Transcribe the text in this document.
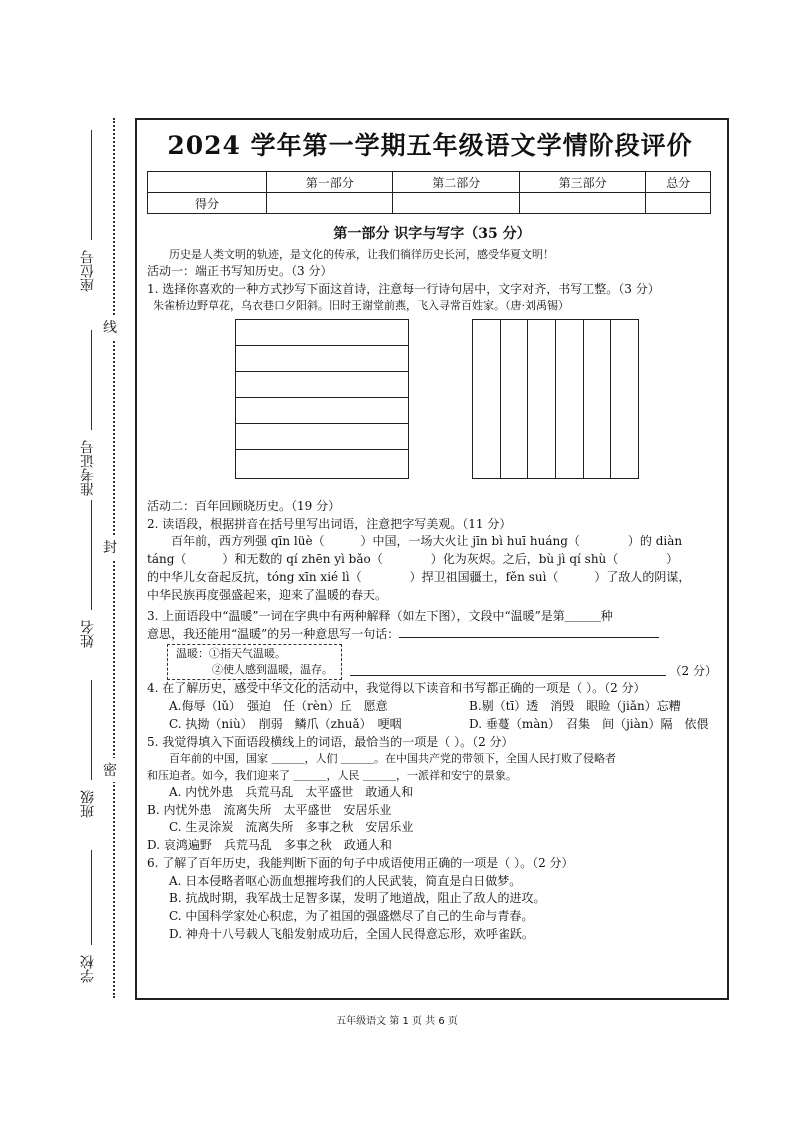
座位号
准考证号
姓名
班级
学校
线
封
密
2024 学年第一学期五年级语文学情阶段评价
	第一部分	第二部分	第三部分	总分
得分				

第一部分 识字与写字（35 分）

历史是人类文明的轨迹，是文化的传承，让我们徜徉历史长河，感受华夏文明！

活动一：端正书写知历史。（3 分）

1. 选择你喜欢的一种方式抄写下面这首诗，注意每一行诗句居中，文字对齐，书写工整。（3 分）

朱雀桥边野草花，乌衣巷口夕阳斜。旧时王谢堂前燕，飞入寻常百姓家。（唐·刘禹锡）

活动二：百年回顾晓历史。（19 分）

2. 读语段，根据拼音在括号里写出词语，注意把字写美观。（11 分）

百年前，西方列强 qīn lüè（　　　）中国，一场大火让 jīn bì huī huáng（　　　　）的 diàn

táng（　　　）和无数的 qí zhēn yì bǎo（　　　　）化为灰烬。之后，bù jì qí shù（　　　　）

的中华儿女奋起反抗，tóng xīn xié lì（　　　　）捍卫祖国疆土，fěn suì（　　　）了敌人的阴谋，

中华民族再度强盛起来，迎来了温暖的春天。

3. 上面语段中“温暖”一词在字典中有两种解释（如左下图），文段中“温暖”是第＿＿＿种

意思，我还能用“温暖”的另一种意思写一句话：

温暖：①指天气温暖。
②使人感到温暖，温存。	（2 分）

4. 在了解历史，感受中华文化的活动中，我觉得以下读音和书写都正确的一项是（ ）。（2 分）

A.侮辱（lǔ）　强迫　任（rèn）丘　愿意	B.剔（tī）透　消毁　眼睑（jiǎn）忘糟
C. 执拗（niù）　削弱　鳞爪（zhuǎ）　哽咽	D. 垂蔓（màn）　召集　间（jiàn）隔　依偎

5. 我觉得填入下面语段横线上的词语，最恰当的一项是（ ）。（2 分）

百年前的中国，国家 ＿＿＿，人们 ＿＿＿。在中国共产党的带领下，全国人民打败了侵略者

和压迫者。如今，我们迎来了 ＿＿＿，人民 ＿＿＿，一派祥和安宁的景象。

A. 内忧外患　兵荒马乱　太平盛世　敢通人和
B. 内忧外患　流离失所　太平盛世　安居乐业
C. 生灵涂炭　流离失所　多事之秋　安居乐业
D. 哀鸿遍野　兵荒马乱　多事之秋　政通人和

6. 了解了百年历史，我能判断下面的句子中成语使用正确的一项是（ ）。（2 分）

A. 日本侵略者呕心沥血想摧垮我们的人民武装，简直是白日做梦。

B. 抗战时期，我军战士足智多谋，发明了地道战，阻止了敌人的进攻。

C. 中国科学家处心积虑，为了祖国的强盛燃尽了自己的生命与青春。

D. 神舟十八号载人飞船发射成功后，全国人民得意忘形，欢呼雀跃。

五年级语文 第 1 页 共 6 页
